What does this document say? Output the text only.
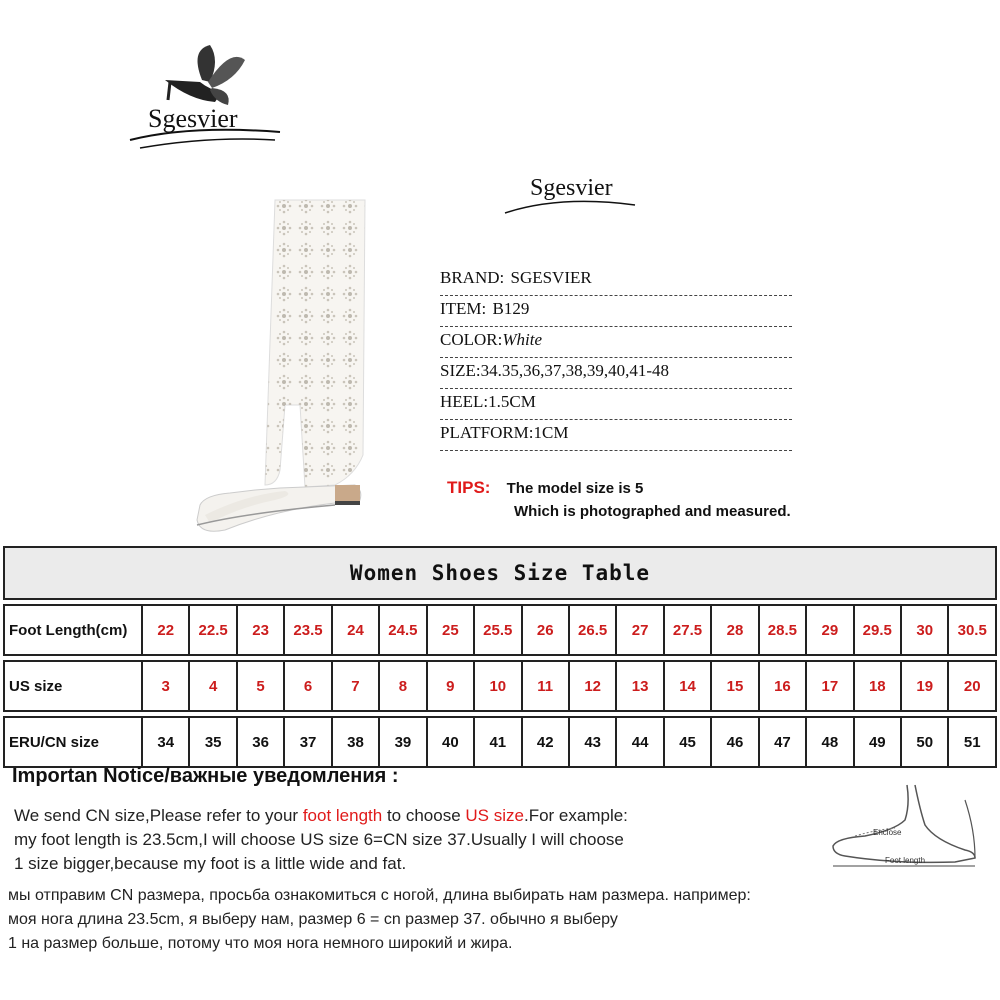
Sgesvier
Sgesvier
BRAND: SGESVIER
ITEM: B129
COLOR:White
SIZE:34.35,36,37,38,39,40,41-48
HEEL:1.5CM
PLATFORM:1CM
TIPS: The model size is 5
Which is photographed and measured.
Women Shoes Size Table																		

Foot Length(cm)	22	22.5	23	23.5	24	24.5	25	25.5	26	26.5	27	27.5	28	28.5	29	29.5	30	30.5

US size	3	4	5	6	7	8	9	10	11	12	13	14	15	16	17	18	19	20

ERU/CN size	34	35	36	37	38	39	40	41	42	43	44	45	46	47	48	49	50	51
Importan Notice/важные уведомления :
We send CN size,Please refer to your foot length to choose US size.For example:
my foot length is 23.5cm,I will choose US size 6=CN size 37.Usually I will choose
1 size bigger,because my foot is a little wide and fat.
мы отправим CN размера, просьба ознакомиться с ногой, длина выбирать нам размера. например:
моя нога длина 23.5cm, я выберу нам, размер 6 = cn размер 37. обычно я выберу
1 на размер больше, потому что моя нога немного широкий и жира.
Enclose
Foot length
